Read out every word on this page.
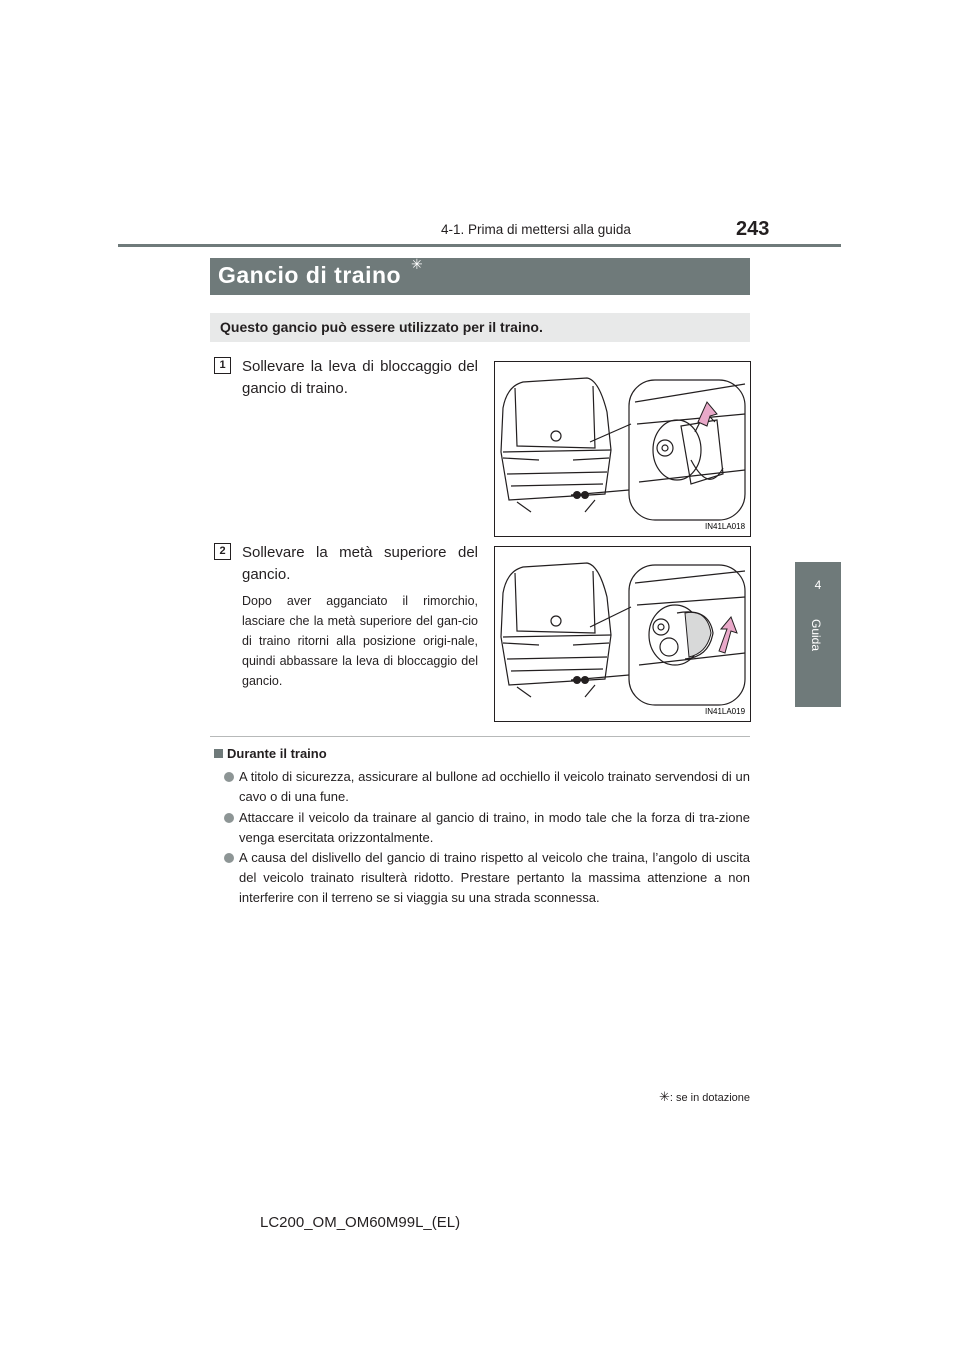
243
4-1. Prima di mettersi alla guida
4
Guida
Gancio di traino ✳
Questo gancio può essere utilizzato per il traino.
1	Sollevare la leva di bloccaggio del gancio di traino.
IN41LA018
2	Sollevare la metà superiore del gancio.
Dopo aver agganciato il rimorchio, lasciare che la metà superiore del gan-cio di traino ritorni alla posizione origi-nale, quindi abbassare la leva di bloccaggio del gancio.
IN41LA019
Durante il traino
A titolo di sicurezza, assicurare al bullone ad occhiello il veicolo trainato servendosi di un cavo o di una fune.
Attaccare il veicolo da trainare al gancio di traino, in modo tale che la forza di tra-zione venga esercitata orizzontalmente.
A causa del dislivello del gancio di traino rispetto al veicolo che traina, l’angolo di uscita del veicolo trainato risulterà ridotto. Prestare pertanto la massima attenzione a non interferire con il terreno se si viaggia su una strada sconnessa.
✳: se in dotazione
LC200_OM_OM60M99L_(EL)
